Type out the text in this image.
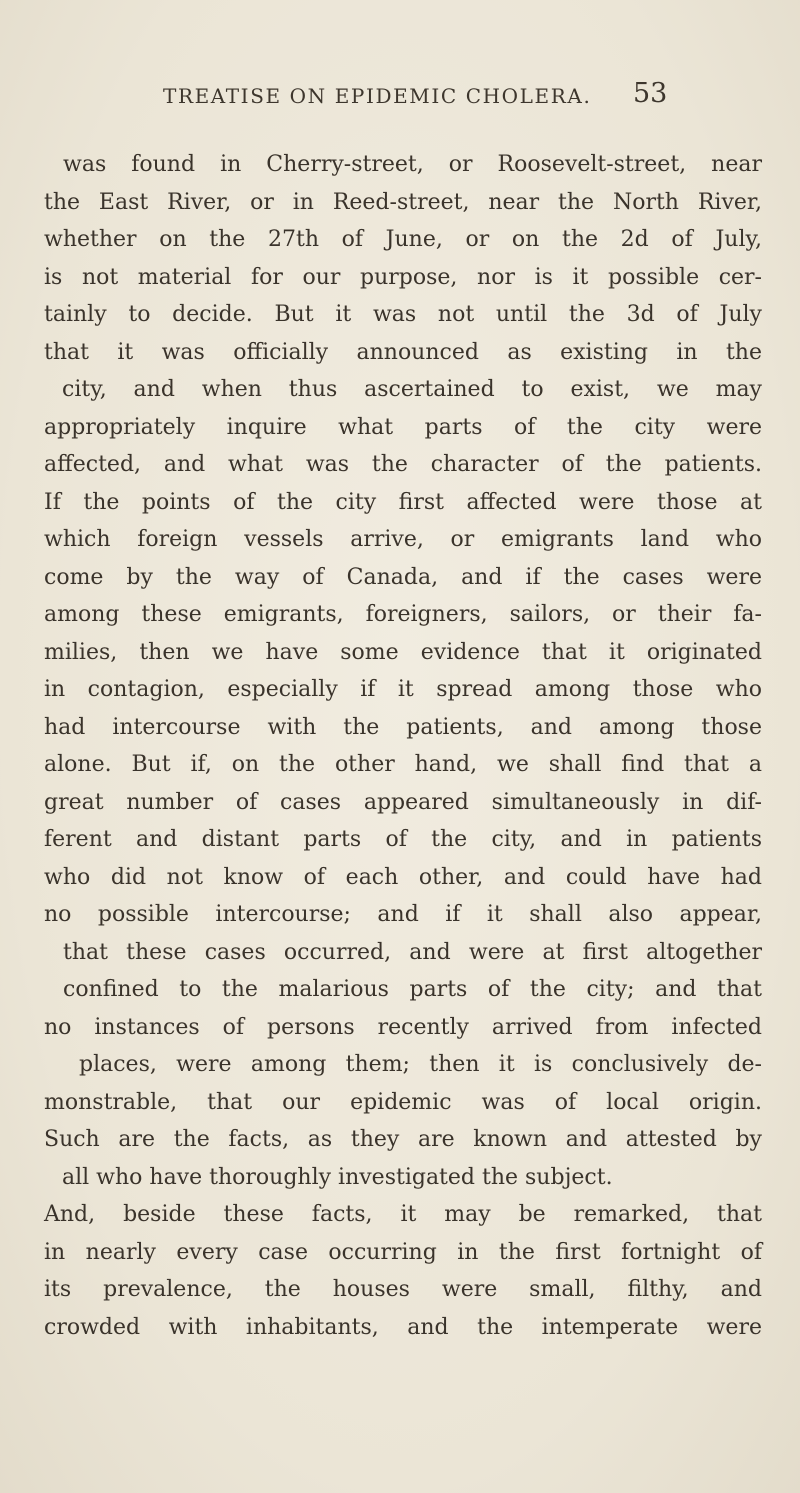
TREATISE ON EPIDEMIC CHOLERA. 53
was found in Cherry-street, or Roosevelt-street, near
the East River, or in Reed-street, near the North River,
whether on the 27th of June, or on the 2d of July,
is not material for our purpose, nor is it possible cer-
tainly to decide. But it was not until the 3d of July
that it was officially announced as existing in the
city, and when thus ascertained to exist, we may
appropriately inquire what parts of the city were
affected, and what was the character of the patients.
If the points of the city first affected were those at
which foreign vessels arrive, or emigrants land who
come by the way of Canada, and if the cases were
among these emigrants, foreigners, sailors, or their fa-
milies, then we have some evidence that it originated
in contagion, especially if it spread among those who
had intercourse with the patients, and among those
alone. But if, on the other hand, we shall find that a
great number of cases appeared simultaneously in dif-
ferent and distant parts of the city, and in patients
who did not know of each other, and could have had
no possible intercourse; and if it shall also appear,
that these cases occurred, and were at first altogether
confined to the malarious parts of the city; and that
no instances of persons recently arrived from infected
places, were among them; then it is conclusively de-
monstrable, that our epidemic was of local origin.
Such are the facts, as they are known and attested by
all who have thoroughly investigated the subject.
And, beside these facts, it may be remarked, that
in nearly every case occurring in the first fortnight of
its prevalence, the houses were small, filthy, and
crowded with inhabitants, and the intemperate were
